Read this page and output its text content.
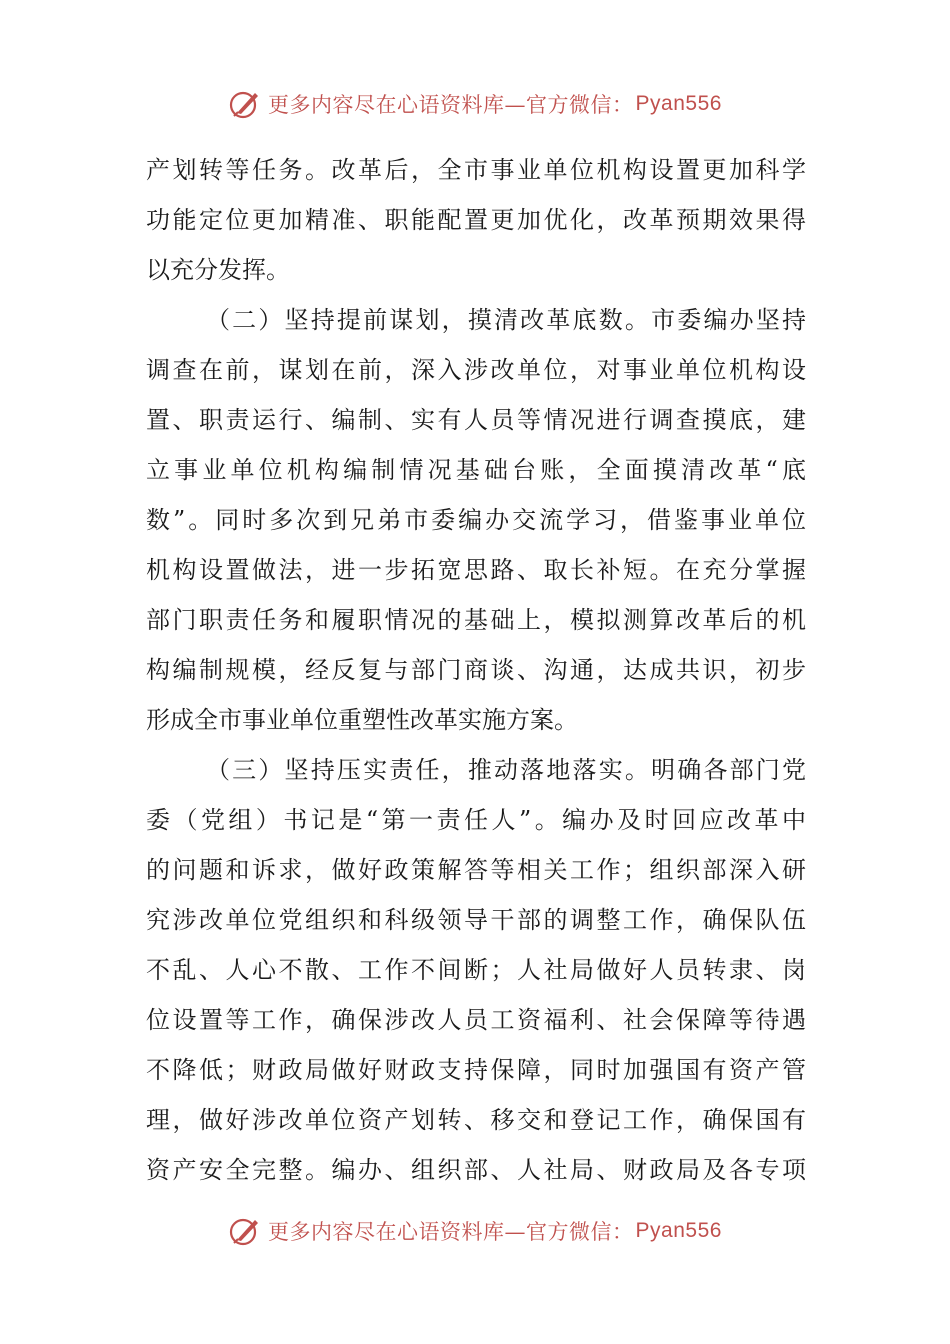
更多内容尽在心语资料库—官方微信： Pyan556
产划转等任务。改革后，全市事业单位机构设置更加科学
功能定位更加精准、职能配置更加优化，改革预期效果得
以充分发挥。
（二）坚持提前谋划，摸清改革底数。市委编办坚持
调查在前，谋划在前，深入涉改单位，对事业单位机构设
置、职责运行、编制、实有人员等情况进行调查摸底，建
立事业单位机构编制情况基础台账，全面摸清改革“底
数”。同时多次到兄弟市委编办交流学习，借鉴事业单位
机构设置做法，进一步拓宽思路、取长补短。在充分掌握
部门职责任务和履职情况的基础上，模拟测算改革后的机
构编制规模，经反复与部门商谈、沟通，达成共识，初步
形成全市事业单位重塑性改革实施方案。
（三）坚持压实责任，推动落地落实。明确各部门党
委（党组）书记是“第一责任人”。编办及时回应改革中
的问题和诉求，做好政策解答等相关工作；组织部深入研
究涉改单位党组织和科级领导干部的调整工作，确保队伍
不乱、人心不散、工作不间断；人社局做好人员转隶、岗
位设置等工作，确保涉改人员工资福利、社会保障等待遇
不降低；财政局做好财政支持保障，同时加强国有资产管
理，做好涉改单位资产划转、移交和登记工作，确保国有
资产安全完整。编办、组织部、人社局、财政局及各专项
更多内容尽在心语资料库—官方微信： Pyan556
